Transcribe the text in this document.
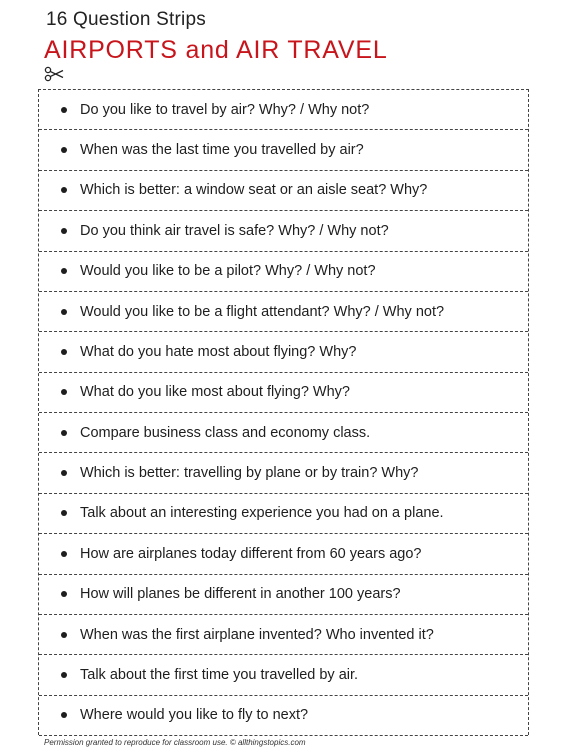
16 Question Strips
AIRPORTS and AIR TRAVEL
Do you like to travel by air? Why? / Why not?
When was the last time you travelled by air?
Which is better: a window seat or an aisle seat? Why?
Do you think air travel is safe? Why? / Why not?
Would you like to be a pilot? Why? / Why not?
Would you like to be a flight attendant? Why? / Why not?
What do you hate most about flying? Why?
What do you like most about flying? Why?
Compare business class and economy class.
Which is better: travelling by plane or by train? Why?
Talk about an interesting experience you had on a plane.
How are airplanes today different from 60 years ago?
How will planes be different in another 100 years?
When was the first airplane invented? Who invented it?
Talk about the first time you travelled by air.
Where would you like to fly to next?
Permission granted to reproduce for classroom use. © allthingstopics.com
